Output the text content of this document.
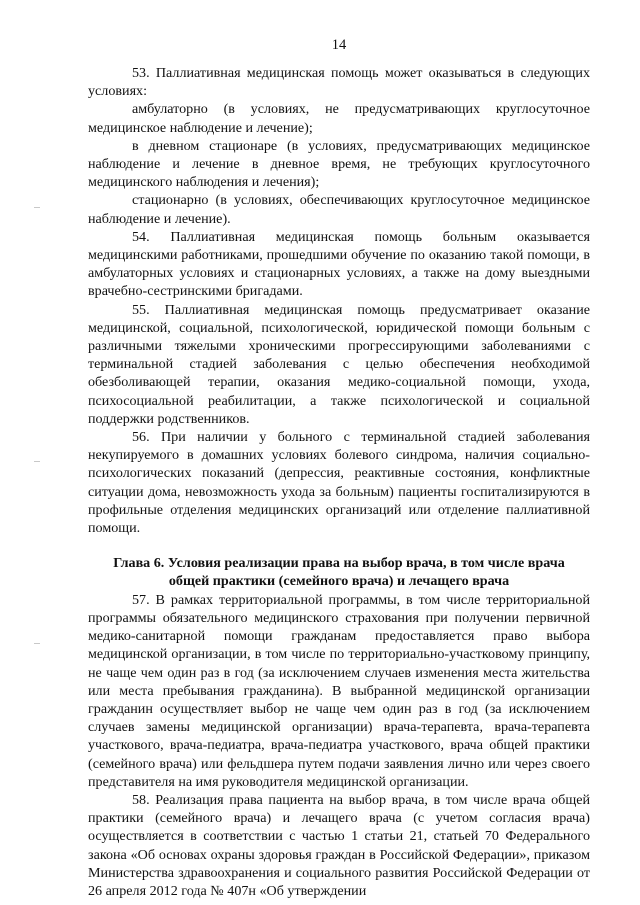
14

53. Паллиативная медицинская помощь может оказываться в следующих условиях:

амбулаторно (в условиях, не предусматривающих круглосуточное медицинское наблюдение и лечение);

в дневном стационаре (в условиях, предусматривающих медицинское наблюдение и лечение в дневное время, не требующих круглосуточного медицинского наблюдения и лечения);

стационарно (в условиях, обеспечивающих круглосуточное медицинское наблюдение и лечение).

54. Паллиативная медицинская помощь больным оказывается медицинскими работниками, прошедшими обучение по оказанию такой помощи, в амбулаторных условиях и стационарных условиях, а также на дому выездными врачебно-сестринскими бригадами.

55. Паллиативная медицинская помощь предусматривает оказание медицинской, социальной, психологической, юридической помощи больным с различными тяжелыми хроническими прогрессирующими заболеваниями с терминальной стадией заболевания с целью обеспечения необходимой обезболивающей терапии, оказания медико-социальной помощи, ухода, психосоциальной реабилитации, а также психологической и социальной поддержки родственников.

56. При наличии у больного с терминальной стадией заболевания некупируемого в домашних условиях болевого синдрома, наличия социально-психологических показаний (депрессия, реактивные состояния, конфликтные ситуации дома, невозможность ухода за больным) пациенты госпитализируются в профильные отделения медицинских организаций или отделение паллиативной помощи.

Глава 6. Условия реализации права на выбор врача, в том числе врача
общей практики (семейного врача) и лечащего врача

57. В рамках территориальной программы, в том числе территориальной программы обязательного медицинского страхования при получении первичной медико-санитарной помощи гражданам предоставляется право выбора медицинской организации, в том числе по территориально-участковому принципу, не чаще чем один раз в год (за исключением случаев изменения места жительства или места пребывания гражданина). В выбранной медицинской организации гражданин осуществляет выбор не чаще чем один раз в год (за исключением случаев замены медицинской организации) врача-терапевта, врача-терапевта участкового, врача-педиатра, врача-педиатра участкового, врача общей практики (семейного врача) или фельдшера путем подачи заявления лично или через своего представителя на имя руководителя медицинской организации.

58. Реализация права пациента на выбор врача, в том числе врача общей практики (семейного врача) и лечащего врача (с учетом согласия врача) осуществляется в соответствии с частью 1 статьи 21, статьей 70 Федерального закона «Об основах охраны здоровья граждан в Российской Федерации», приказом Министерства здравоохранения и социального развития Российской Федерации от 26 апреля 2012 года № 407н «Об утверждении
